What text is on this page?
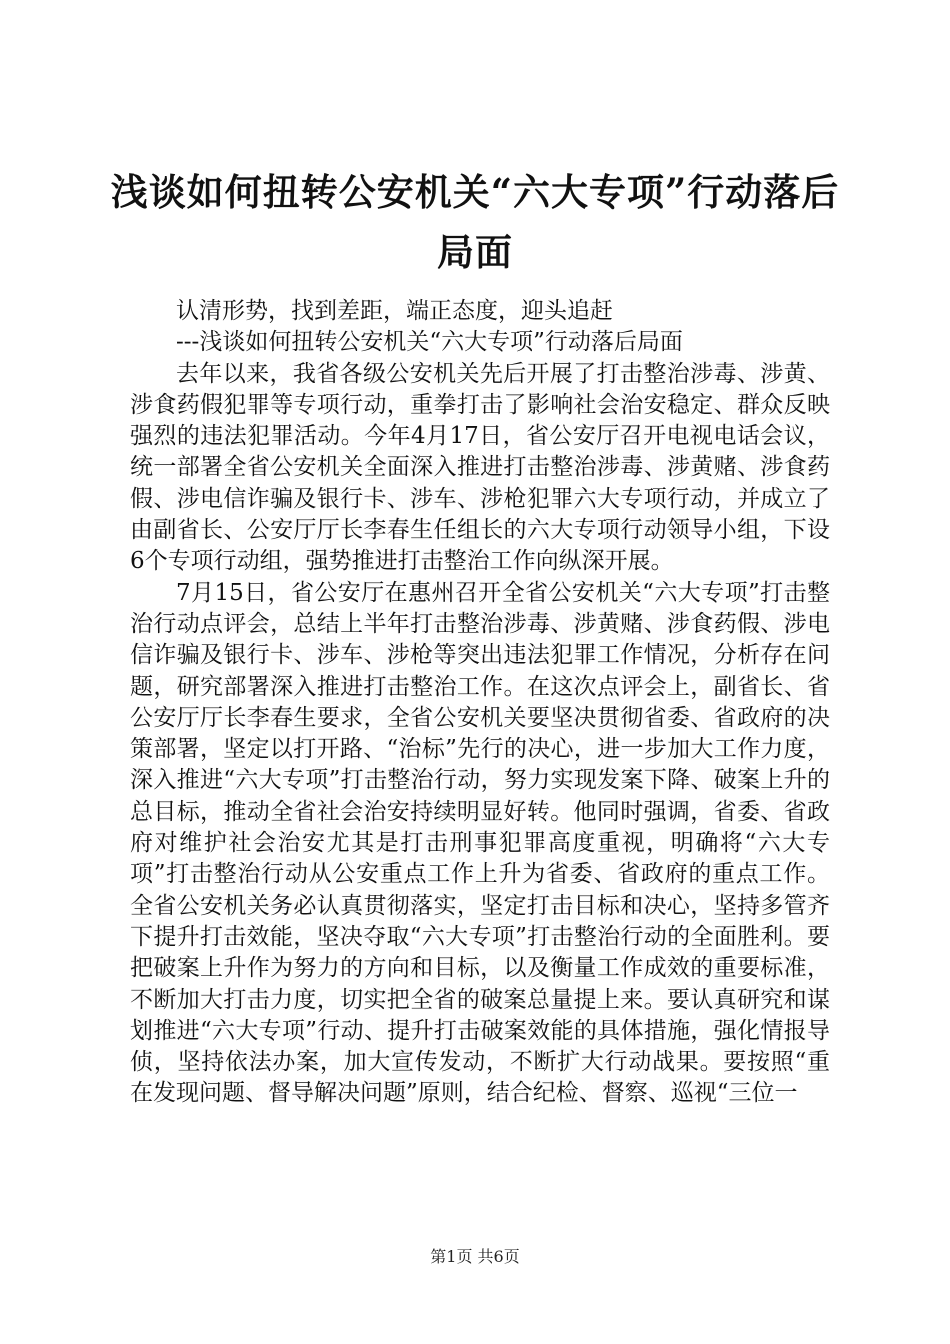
浅谈如何扭转公安机关“六大专项”行动落后局面

认清形势，找到差距，端正态度，迎头追赶

---浅谈如何扭转公安机关“六大专项”行动落后局面

去年以来，我省各级公安机关先后开展了打击整治涉毒、涉黄、涉食药假犯罪等专项行动，重拳打击了影响社会治安稳定、群众反映强烈的违法犯罪活动。今年4月17日，省公安厅召开电视电话会议，统一部署全省公安机关全面深入推进打击整治涉毒、涉黄赌、涉食药假、涉电信诈骗及银行卡、涉车、涉枪犯罪六大专项行动，并成立了由副省长、公安厅厅长李春生任组长的六大专项行动领导小组，下设6个专项行动组，强势推进打击整治工作向纵深开展。

7月15日，省公安厅在惠州召开全省公安机关“六大专项”打击整治行动点评会，总结上半年打击整治涉毒、涉黄赌、涉食药假、涉电信诈骗及银行卡、涉车、涉枪等突出违法犯罪工作情况，分析存在问题，研究部署深入推进打击整治工作。在这次点评会上，副省长、省公安厅厅长李春生要求，全省公安机关要坚决贯彻省委、省政府的决策部署，坚定以打开路、“治标”先行的决心，进一步加大工作力度，深入推进“六大专项”打击整治行动，努力实现发案下降、破案上升的总目标，推动全省社会治安持续明显好转。他同时强调，省委、省政府对维护社会治安尤其是打击刑事犯罪高度重视，明确将“六大专项”打击整治行动从公安重点工作上升为省委、省政府的重点工作。全省公安机关务必认真贯彻落实，坚定打击目标和决心，坚持多管齐下提升打击效能，坚决夺取“六大专项”打击整治行动的全面胜利。要把破案上升作为努力的方向和目标，以及衡量工作成效的重要标准，不断加大打击力度，切实把全省的破案总量提上来。要认真研究和谋划推进“六大专项”行动、提升打击破案效能的具体措施，强化情报导侦，坚持依法办案，加大宣传发动，不断扩大行动战果。要按照“重在发现问题、督导解决问题”原则，结合纪检、督察、巡视“三位一

第1页 共6页
